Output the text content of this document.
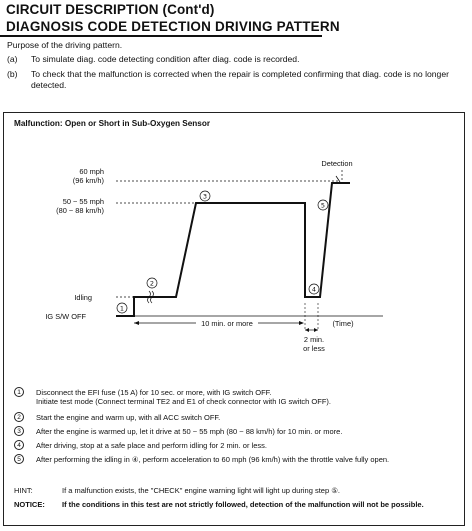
CIRCUIT DESCRIPTION (Cont'd)
DIAGNOSIS CODE DETECTION DRIVING PATTERN
Purpose of the driving pattern.
(a) To simulate diag. code detecting condition after diag. code is recorded.
(b) To check that the malfunction is corrected when the repair is completed confirming that diag. code is no longer detected.
Malfunction: Open or Short in Sub-Oxygen Sensor
60 mph
(96 km/h)
50 ~ 55 mph
(80 ~ 88 km/h)
Idling
IG S/W OFF
Detection
10 min. or more	(Time)
2 min.
or less
1
2
3
4
5
1	Disconnect the EFI fuse (15 A) for 10 sec. or more, with IG switch OFF.
Initiate test mode (Connect terminal TE2 and E1 of check connector with IG switch OFF).
2	Start the engine and warm up, with all ACC switch OFF.
3	After the engine is warmed up, let it drive at 50 ~ 55 mph (80 ~ 88 km/h) for 10 min. or more.
4	After driving, stop at a safe place and perform idling for 2 min. or less.
5	After performing the idling in ④, perform acceleration to 60 mph (96 km/h) with the throttle valve fully open.
HINT:	If a malfunction exists, the "CHECK" engine warning light will light up during step ⑤.
NOTICE: If the conditions in this test are not strictly followed, detection of the malfunction will not be possible.
